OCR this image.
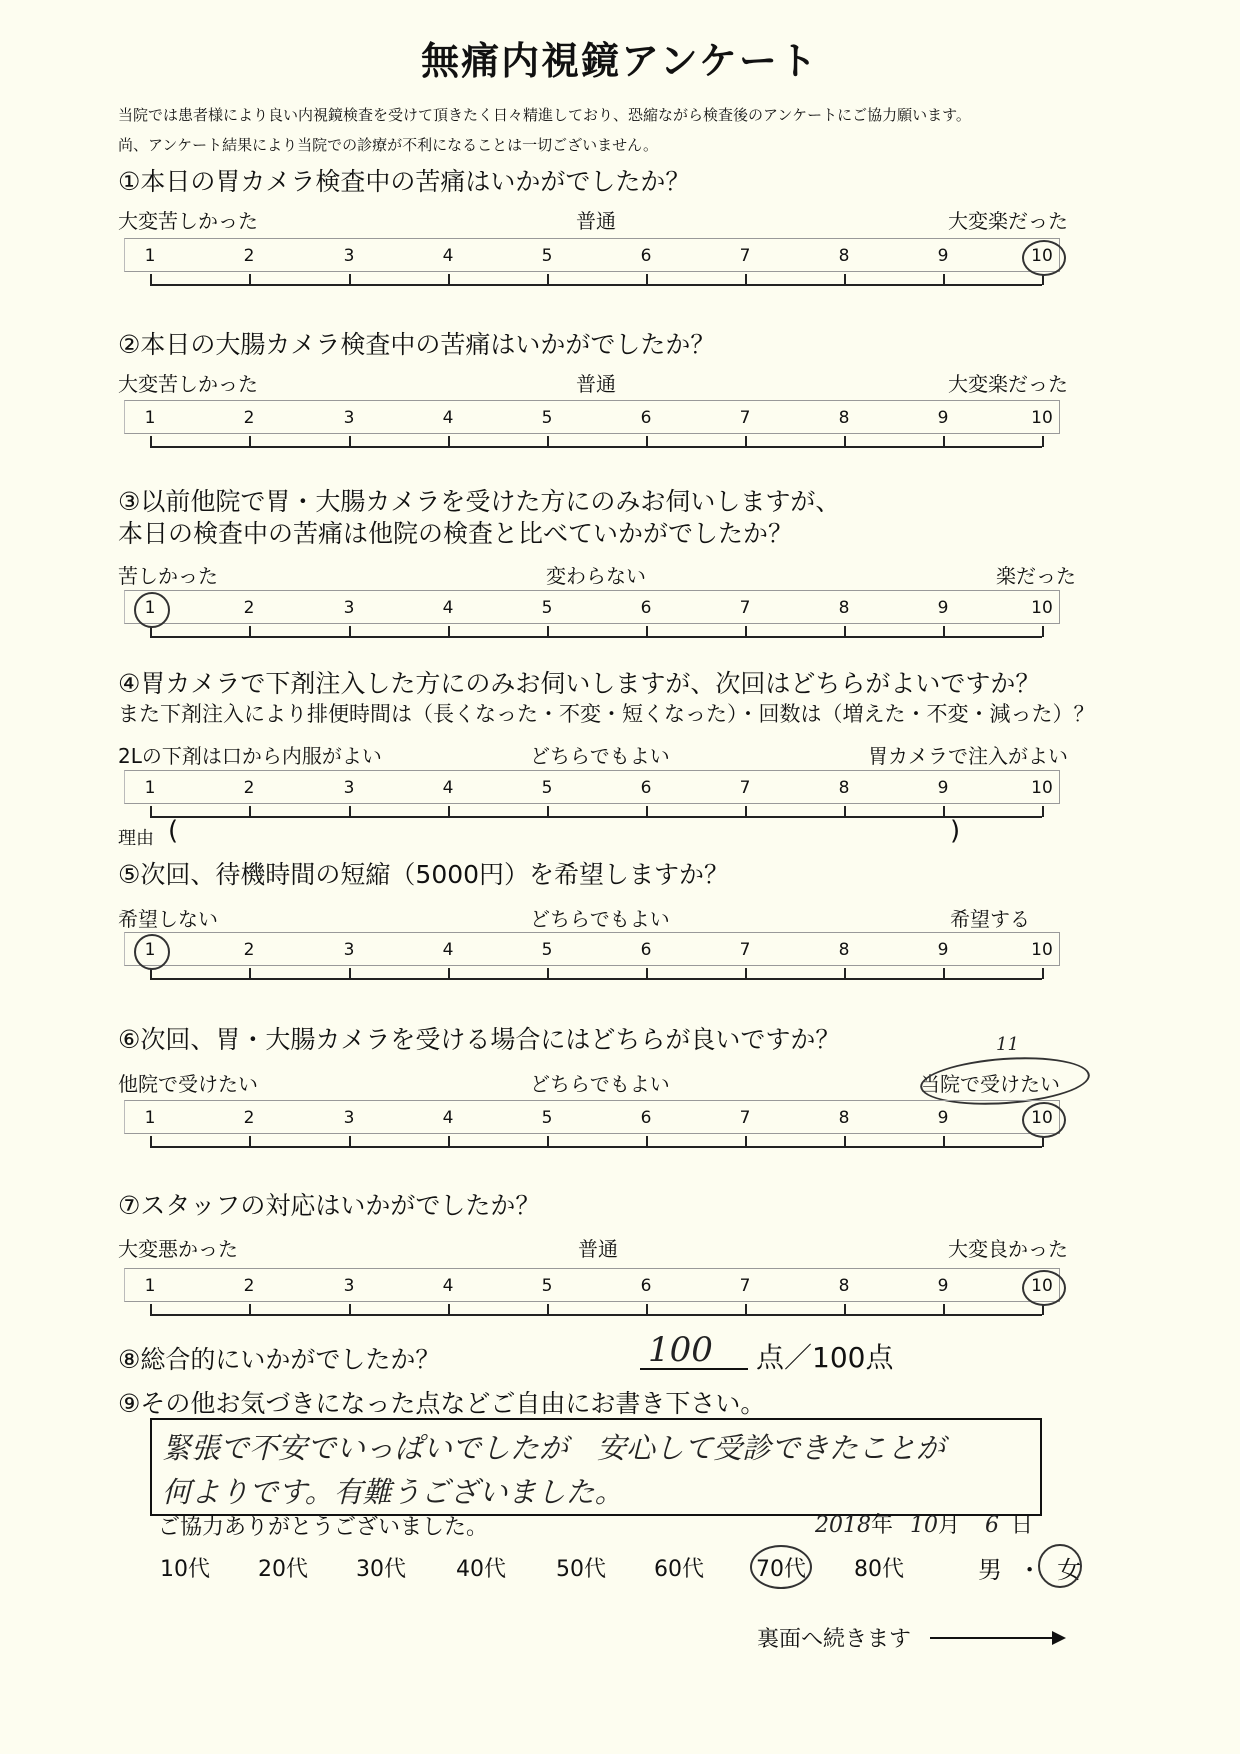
無痛内視鏡アンケート
当院では患者様により良い内視鏡検査を受けて頂きたく日々精進しており、恐縮ながら検査後のアンケートにご協力願います。
尚、アンケート結果により当院での診療が不利になることは一切ございません。
①本日の胃カメラ検査中の苦痛はいかがでしたか？
大変苦しかった	普通	大変楽だった
1	2	3	4	5	6	7	8	9	10
②本日の大腸カメラ検査中の苦痛はいかがでしたか？
大変苦しかった	普通	大変楽だった
1	2	3	4	5	6	7	8	9	10
③以前他院で胃・大腸カメラを受けた方にのみお伺いしますが、
本日の検査中の苦痛は他院の検査と比べていかがでしたか？
苦しかった	変わらない	楽だった
1	2	3	4	5	6	7	8	9	10
④胃カメラで下剤注入した方にのみお伺いしますが、次回はどちらがよいですか？
また下剤注入により排便時間は（長くなった・不変・短くなった）・回数は（増えた・不変・減った）？
2Lの下剤は口から内服がよい	どちらでもよい	胃カメラで注入がよい
1	2	3	4	5	6	7	8	9	10
理由 (	)
⑤次回、待機時間の短縮（5000円）を希望しますか？
希望しない	どちらでもよい	希望する
1	2	3	4	5	6	7	8	9	10
⑥次回、胃・大腸カメラを受ける場合にはどちらが良いですか？
他院で受けたい	どちらでもよい	当院で受けたい
11
1	2	3	4	5	6	7	8	9	10
⑦スタッフの対応はいかがでしたか？
大変悪かった	普通	大変良かった
1	2	3	4	5	6	7	8	9	10
⑧総合的にいかがでしたか？	100 点／100点
⑨その他お気づきになった点などご自由にお書き下さい。
緊張で不安でいっぱいでしたが　安心して受診できたことが
何よりです。有難うございました。
ご協力ありがとうございました。	2018年 10月 6 日
10代 20代 30代 40代 50代 60代 70代 80代	男 ・ 女
裏面へ続きます
